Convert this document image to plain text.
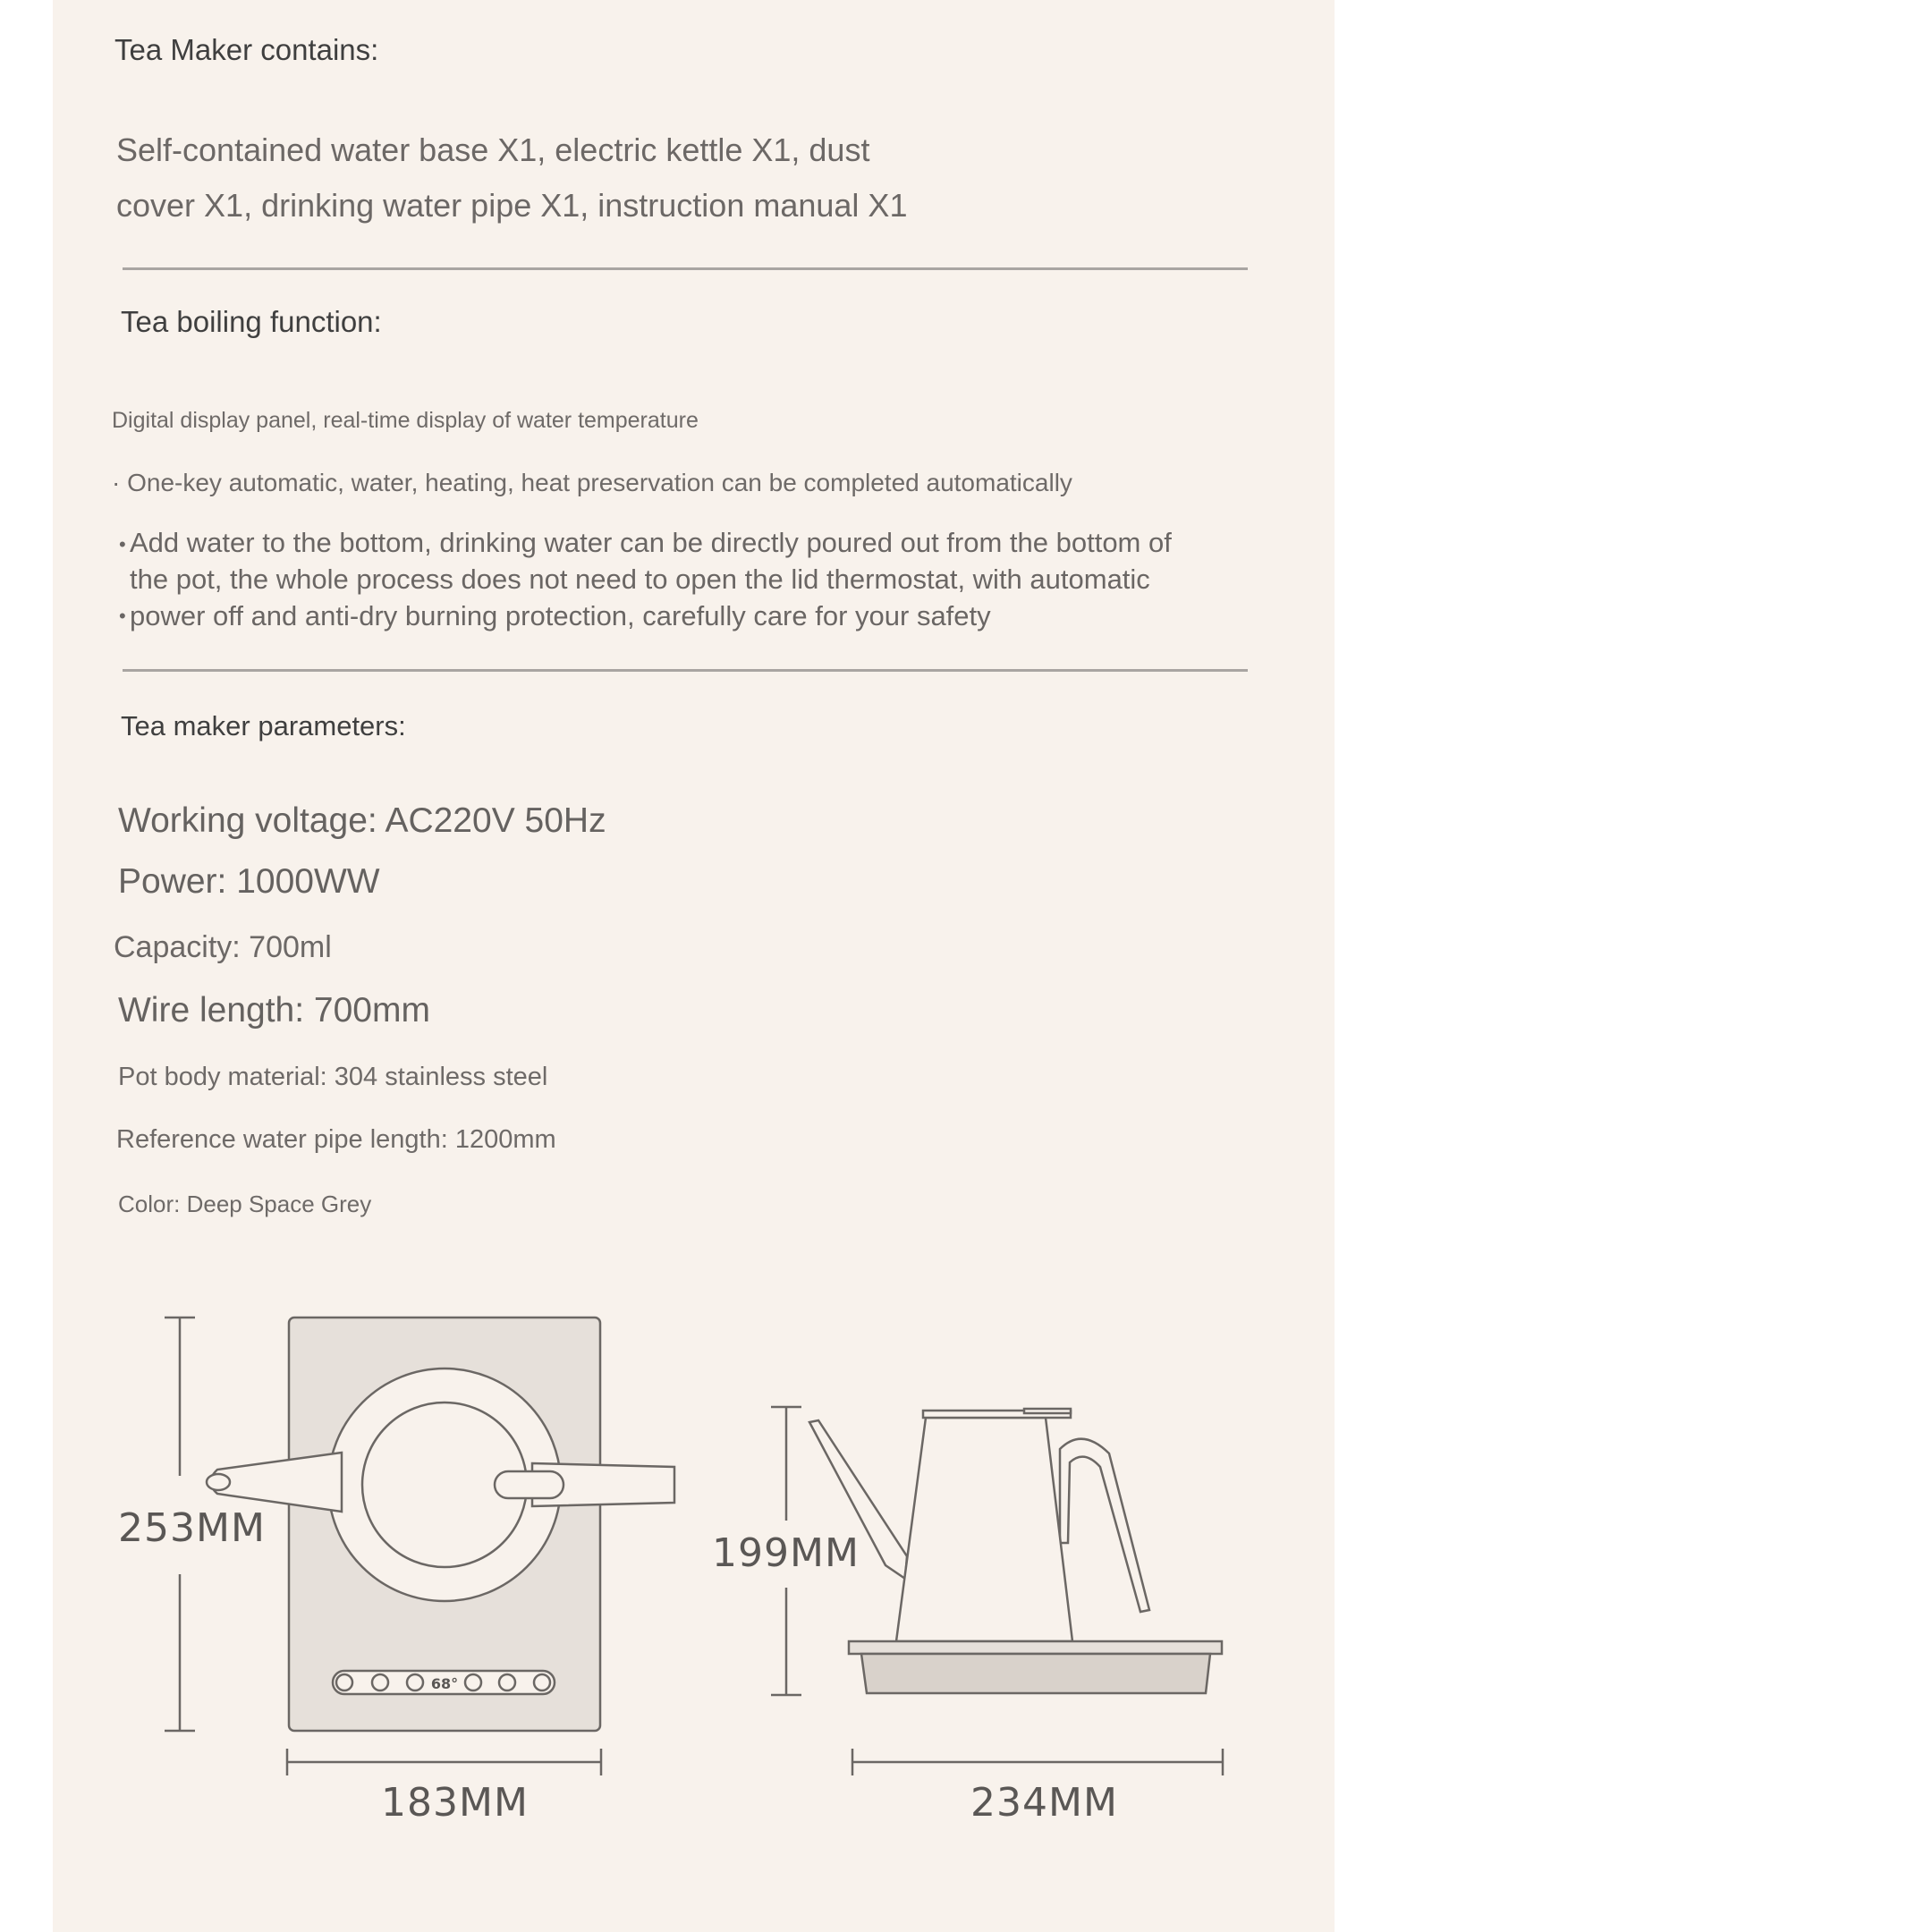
Tea Maker contains:

Self-contained water base X1, electric kettle X1, dust

cover X1, drinking water pipe X1, instruction manual X1

Tea boiling function:

Digital display panel, real-time display of water temperature

· One-key automatic, water, heating, heat preservation can be completed automatically

•
•

Add water to the bottom, drinking water can be directly poured out from the bottom of

the pot, the whole process does not need to open the lid thermostat, with automatic

power off and anti-dry burning protection, carefully care for your safety

Tea maker parameters:

Working voltage: AC220V 50Hz

Power: 1000WW

Capacity: 700ml

Wire length: 700mm

Pot body material: 304 stainless steel

Reference water pipe length: 1200mm

Color: Deep Space Grey

68°
253MM
183MM
199MM
234MM
